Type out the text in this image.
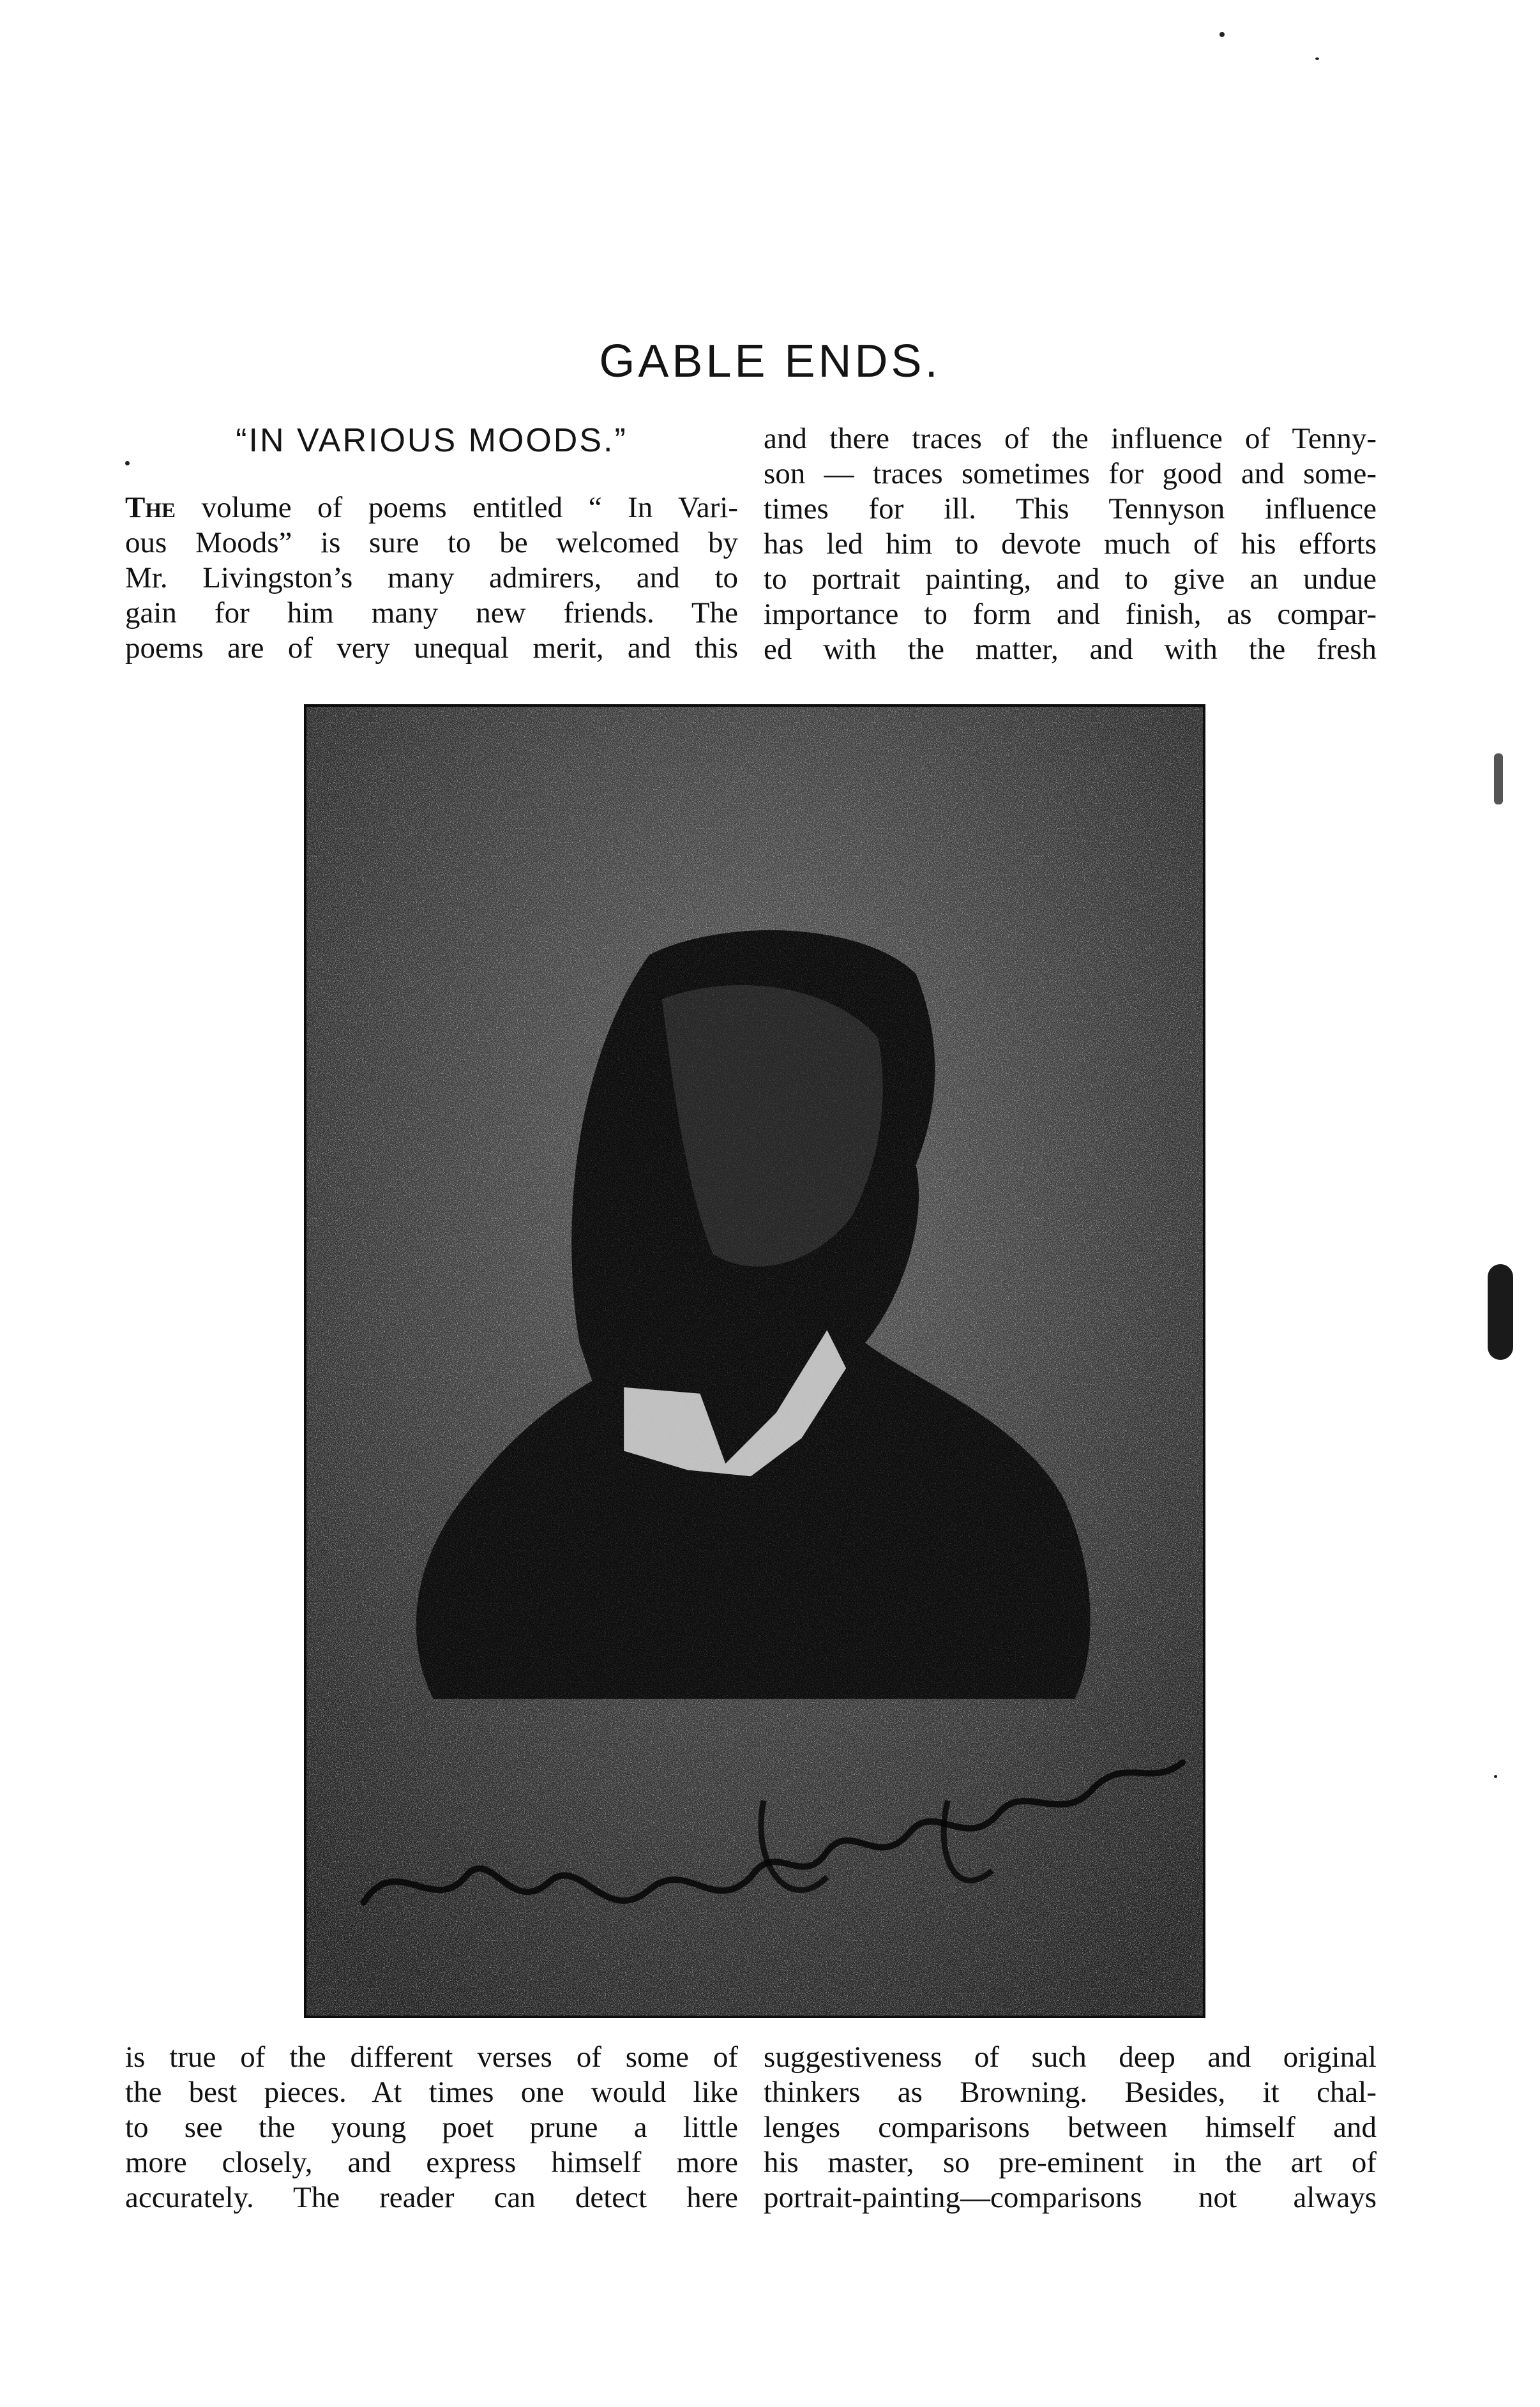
GABLE ENDS.
“IN VARIOUS MOODS.”
The volume of poems entitled “ In Vari-
ous Moods” is sure to be welcomed by
Mr. Livingston’s many admirers, and to
gain for him many new friends. The
poems are of very unequal merit, and this
and there traces of the influence of Tenny-
son — traces sometimes for good and some-
times for ill. This Tennyson influence
has led him to devote much of his efforts
to portrait painting, and to give an undue
importance to form and finish, as compar-
ed with the matter, and with the fresh
is true of the different verses of some of
the best pieces. At times one would like
to see the young poet prune a little
more closely, and express himself more
accurately. The reader can detect here
suggestiveness of such deep and original
thinkers as Browning. Besides, it chal-
lenges comparisons between himself and
his master, so pre-eminent in the art of
portrait-painting—comparisons not always
